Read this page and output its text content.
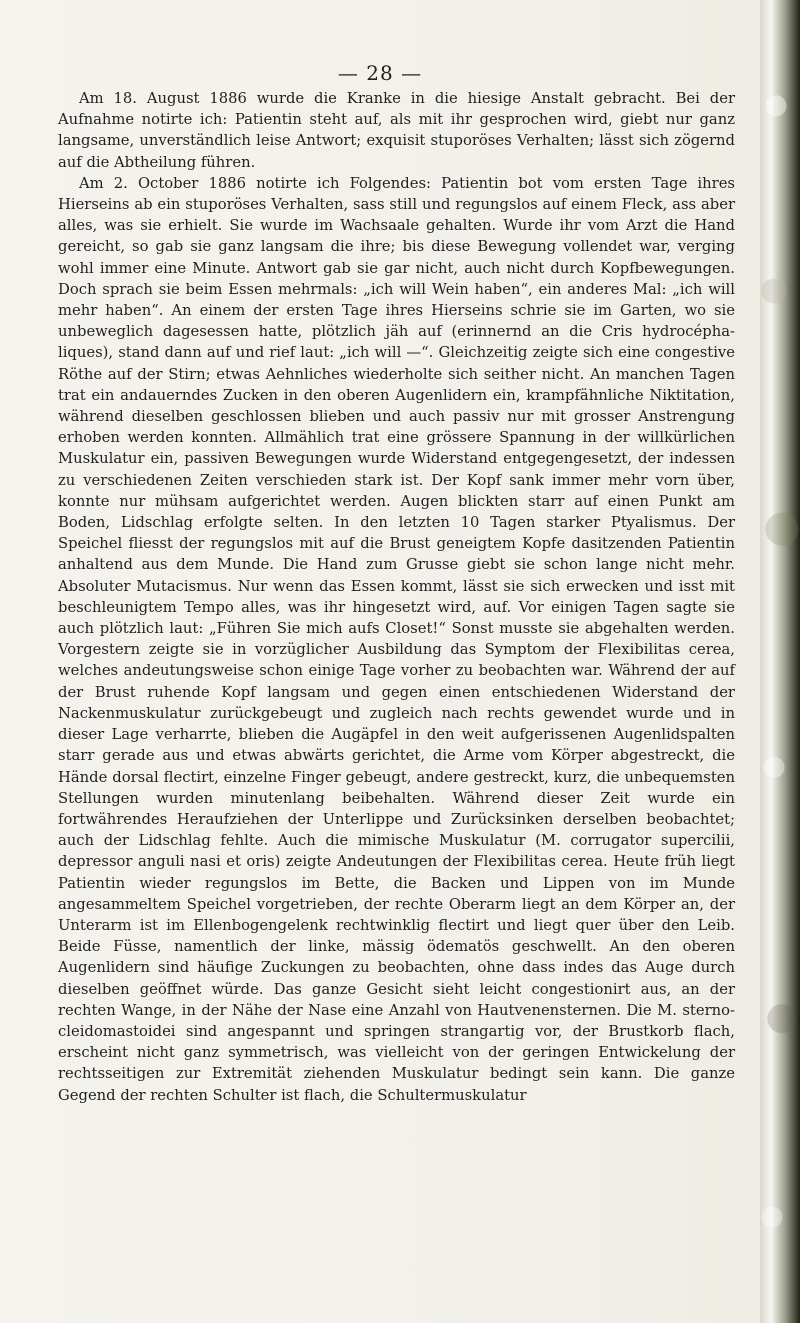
— 28 —

Am 18. August 1886 wurde die Kranke in die hiesige Anstalt gebracht. Bei der Aufnahme notirte ich: Patientin steht auf, als mit ihr gesprochen wird, giebt nur ganz langsame, unverständlich leise Antwort; exquisit stuporöses Verhalten; lässt sich zögernd auf die Abtheilung führen.

Am 2. October 1886 notirte ich Folgendes: Patientin bot vom ersten Tage ihres Hierseins ab ein stuporöses Verhalten, sass still und regungslos auf einem Fleck, ass aber alles, was sie erhielt. Sie wurde im Wachsaale gehalten. Wurde ihr vom Arzt die Hand gereicht, so gab sie ganz langsam die ihre; bis diese Bewegung vollendet war, verging wohl immer eine Minute. Antwort gab sie gar nicht, auch nicht durch Kopfbewegungen. Doch sprach sie beim Essen mehrmals: „ich will Wein haben“, ein anderes Mal: „ich will mehr haben“. An einem der ersten Tage ihres Hierseins schrie sie im Garten, wo sie unbeweglich dagesessen hatte, plötzlich jäh auf (erinnernd an die Cris hydrocépha-liques), stand dann auf und rief laut: „ich will —“. Gleichzeitig zeigte sich eine congestive Röthe auf der Stirn; etwas Aehnliches wiederholte sich seither nicht. An manchen Tagen trat ein andauerndes Zucken in den oberen Augenlidern ein, krampfähnliche Niktitation, während dieselben geschlossen blieben und auch passiv nur mit grosser Anstrengung erhoben werden konnten. Allmählich trat eine grössere Spannung in der willkürlichen Muskulatur ein, passiven Bewegungen wurde Widerstand entgegengesetzt, der indessen zu verschiedenen Zeiten verschieden stark ist. Der Kopf sank immer mehr vorn über, konnte nur mühsam aufgerichtet werden. Augen blickten starr auf einen Punkt am Boden, Lidschlag erfolgte selten. In den letzten 10 Tagen starker Ptyalismus. Der Speichel fliesst der regungslos mit auf die Brust geneigtem Kopfe dasitzenden Patientin anhaltend aus dem Munde. Die Hand zum Grusse giebt sie schon lange nicht mehr. Absoluter Mutacismus. Nur wenn das Essen kommt, lässt sie sich erwecken und isst mit beschleunigtem Tempo alles, was ihr hingesetzt wird, auf. Vor einigen Tagen sagte sie auch plötzlich laut: „Führen Sie mich aufs Closet!“ Sonst musste sie abgehalten werden. Vorgestern zeigte sie in vorzüglicher Ausbildung das Symptom der Flexibilitas cerea, welches andeutungsweise schon einige Tage vorher zu beobachten war. Während der auf der Brust ruhende Kopf langsam und gegen einen entschiedenen Widerstand der Nackenmuskulatur zurückgebeugt und zugleich nach rechts gewendet wurde und in dieser Lage verharrte, blieben die Augäpfel in den weit aufgerissenen Augenlidspalten starr gerade aus und etwas abwärts gerichtet, die Arme vom Körper abgestreckt, die Hände dorsal flectirt, einzelne Finger gebeugt, andere gestreckt, kurz, die unbequemsten Stellungen wurden minutenlang beibehalten. Während dieser Zeit wurde ein fortwährendes Heraufziehen der Unterlippe und Zurücksinken derselben beobachtet; auch der Lidschlag fehlte. Auch die mimische Muskulatur (M. corrugator supercilii, depressor anguli nasi et oris) zeigte Andeutungen der Flexibilitas cerea. Heute früh liegt Patientin wieder regungslos im Bette, die Backen und Lippen von im Munde angesammeltem Speichel vorgetrieben, der rechte Oberarm liegt an dem Körper an, der Unterarm ist im Ellenbogengelenk rechtwinklig flectirt und liegt quer über den Leib. Beide Füsse, namentlich der linke, mässig ödematös geschwellt. An den oberen Augenlidern sind häufige Zuckungen zu beobachten, ohne dass indes das Auge durch dieselben geöffnet würde. Das ganze Gesicht sieht leicht congestionirt aus, an der rechten Wange, in der Nähe der Nase eine Anzahl von Hautvenensternen. Die M. sterno-cleidomastoidei sind angespannt und springen strangartig vor, der Brustkorb flach, erscheint nicht ganz symmetrisch, was vielleicht von der geringen Entwickelung der rechtsseitigen zur Extremität ziehenden Muskulatur bedingt sein kann. Die ganze Gegend der rechten Schulter ist flach, die Schultermuskulatur
